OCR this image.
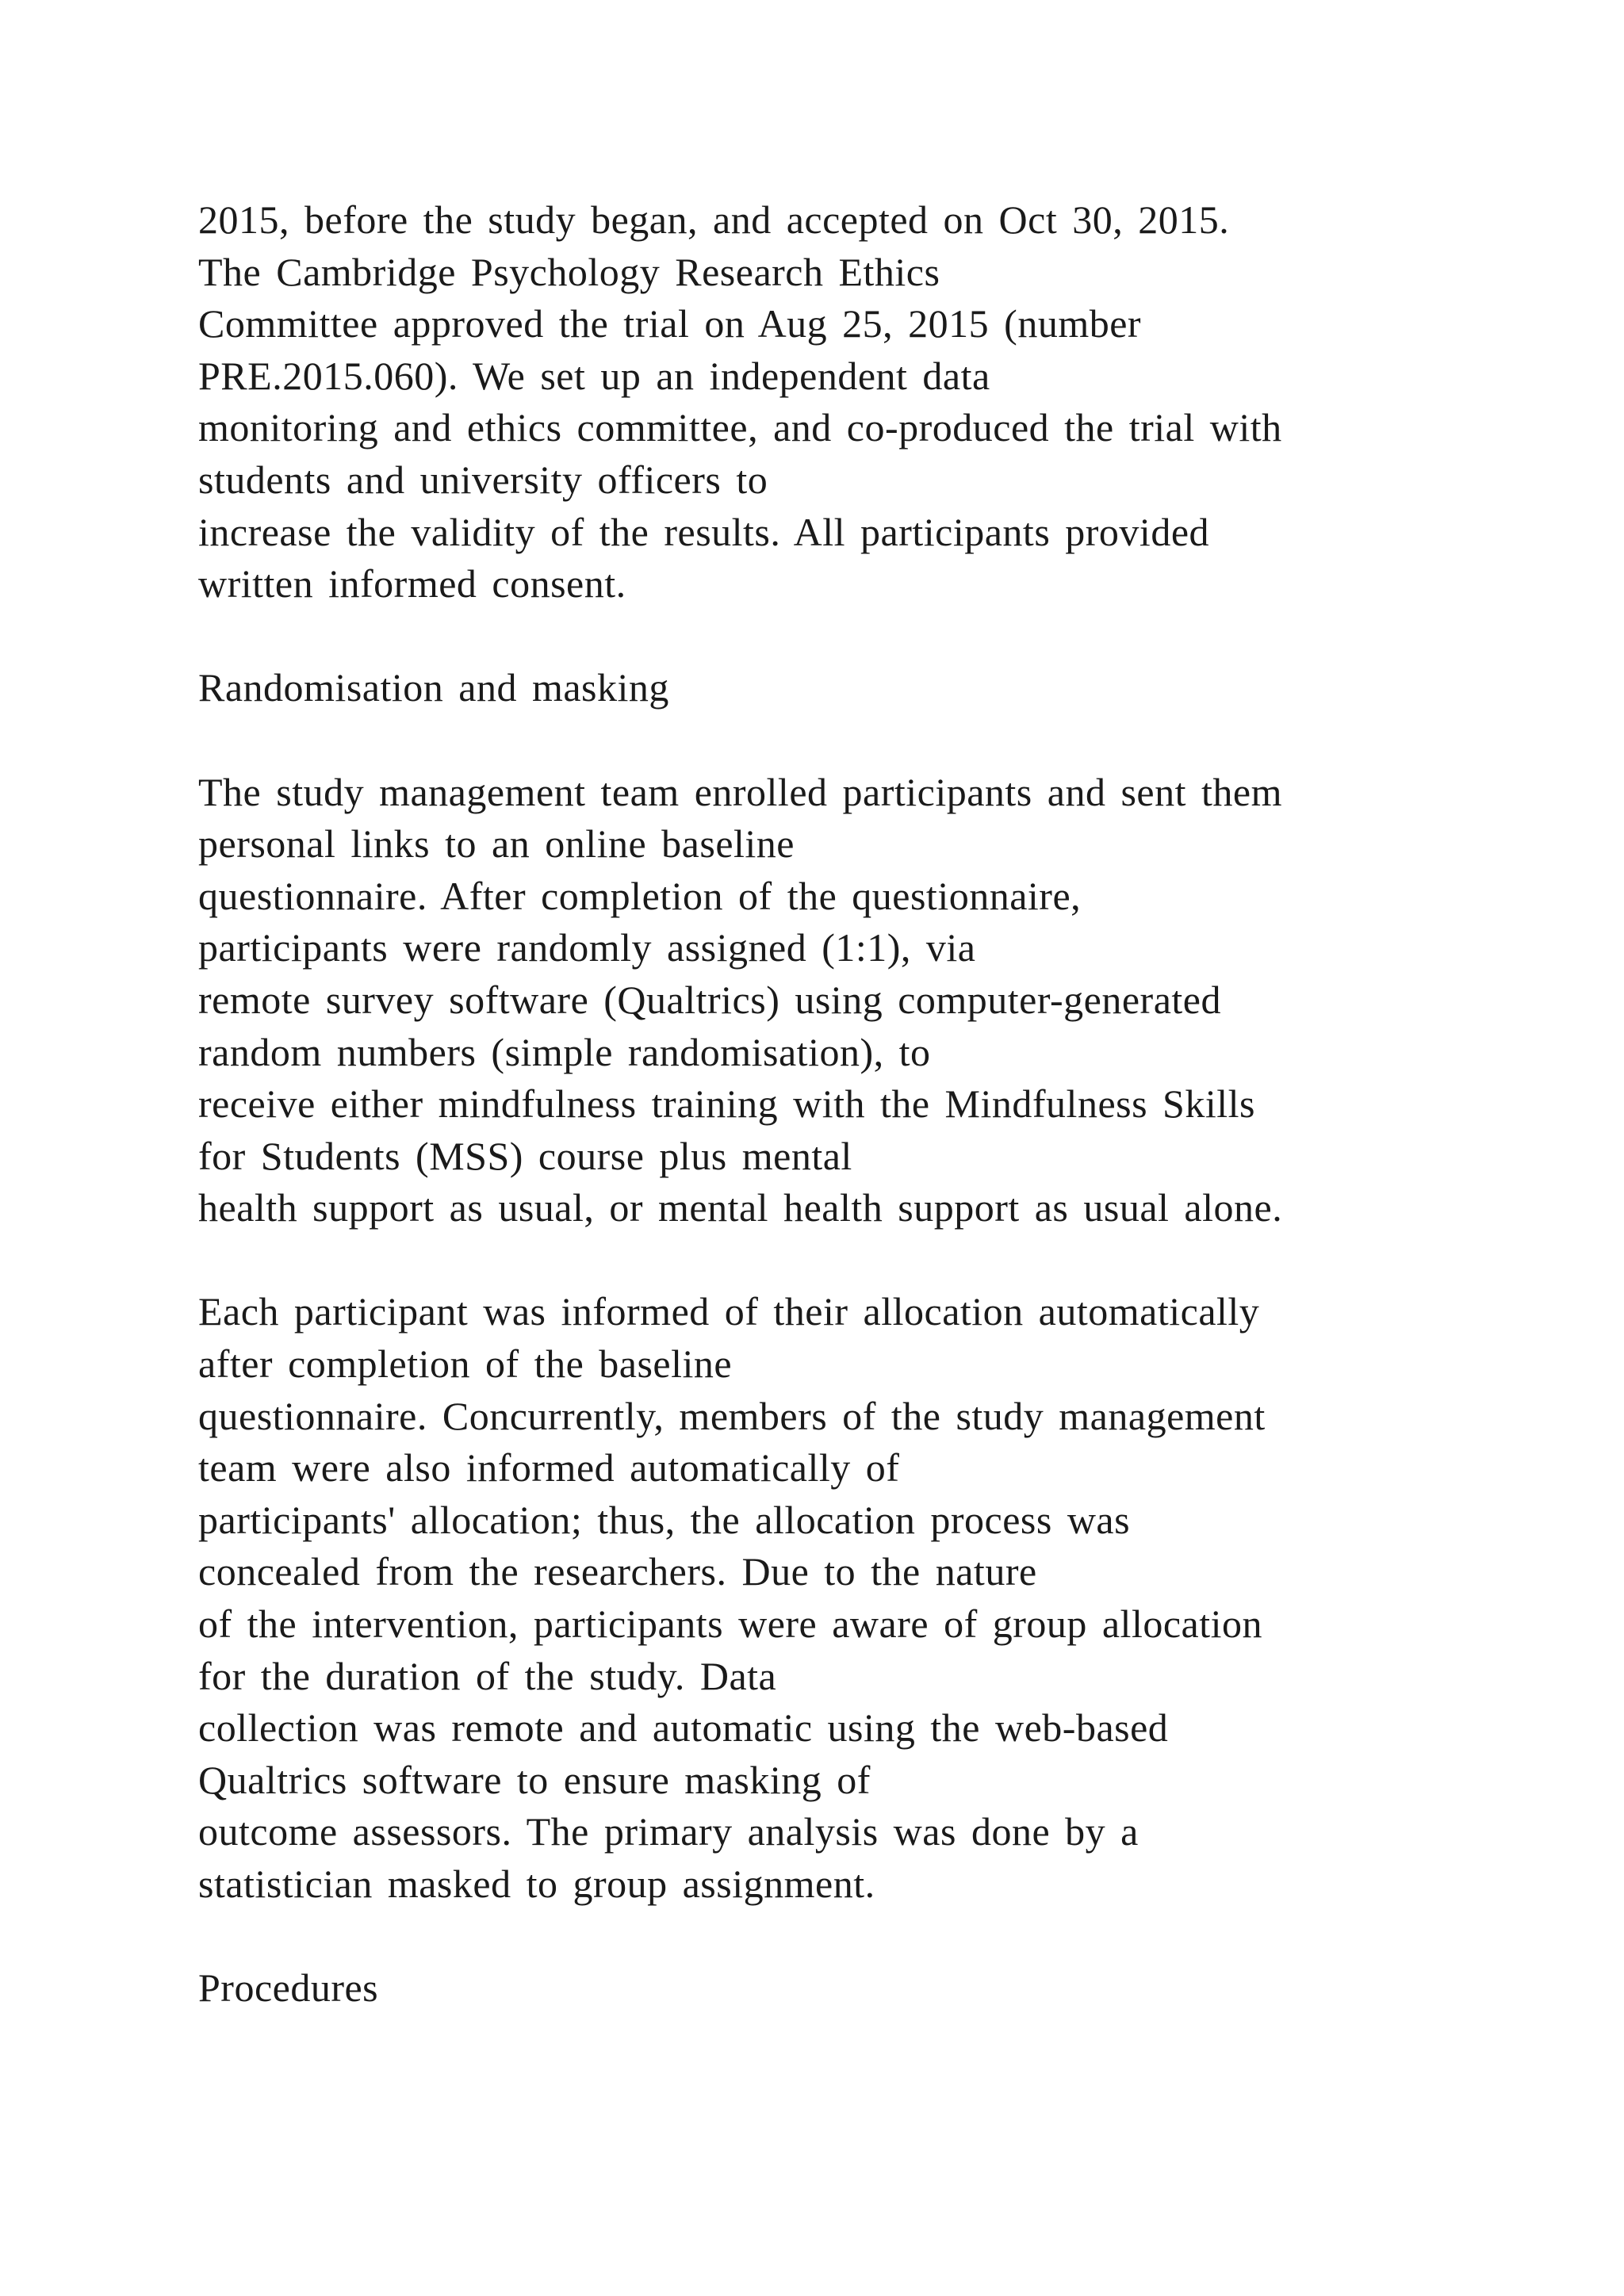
2015, before the study began, and accepted on Oct 30, 2015.
The Cambridge Psychology Research Ethics
Committee approved the trial on Aug 25, 2015 (number
PRE.2015.060). We set up an independent data
monitoring and ethics committee, and co-produced the trial with
students and university officers to
increase the validity of the results. All participants provided
written informed consent.
Randomisation and masking
The study management team enrolled participants and sent them
personal links to an online baseline
questionnaire. After completion of the questionnaire,
participants were randomly assigned (1:1), via
remote survey software (Qualtrics) using computer-generated
random numbers (simple randomisation), to
receive either mindfulness training with the Mindfulness Skills
for Students (MSS) course plus mental
health support as usual, or mental health support as usual alone.
Each participant was informed of their allocation automatically
after completion of the baseline
questionnaire. Concurrently, members of the study management
team were also informed automatically of
participants' allocation; thus, the allocation process was
concealed from the researchers. Due to the nature
of the intervention, participants were aware of group allocation
for the duration of the study. Data
collection was remote and automatic using the web-based
Qualtrics software to ensure masking of
outcome assessors. The primary analysis was done by a
statistician masked to group assignment.
Procedures
